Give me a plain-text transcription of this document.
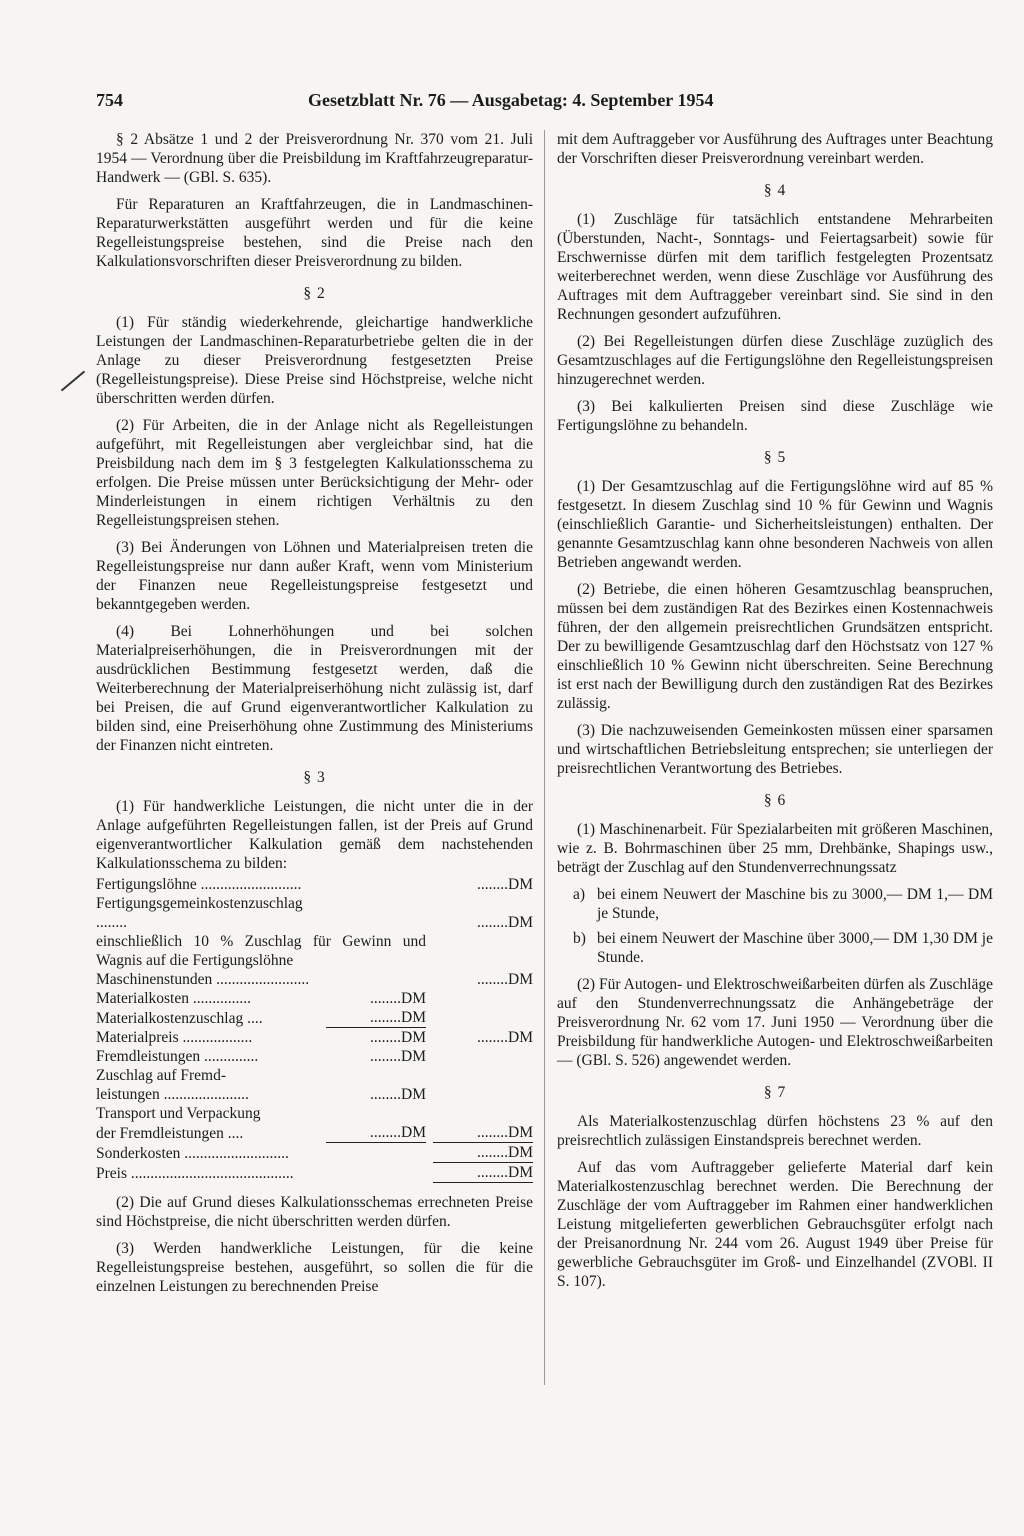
754	Gesetzblatt Nr. 76 — Ausgabetag: 4. September 1954

§ 2 Absätze 1 und 2 der Preisverordnung Nr. 370 vom 21. Juli 1954 — Verordnung über die Preisbildung im Kraftfahrzeugreparatur-Handwerk — (GBl. S. 635).

Für Reparaturen an Kraftfahrzeugen, die in Landmaschinen-Reparaturwerkstätten ausgeführt werden und für die keine Regelleistungspreise bestehen, sind die Preise nach den Kalkulationsvorschriften dieser Preisverordnung zu bilden.

§ 2

(1) Für ständig wiederkehrende, gleichartige handwerkliche Leistungen der Landmaschinen-Reparaturbetriebe gelten die in der Anlage zu dieser Preisverordnung festgesetzten Preise (Regelleistungspreise). Diese Preise sind Höchstpreise, welche nicht überschritten werden dürfen.

(2) Für Arbeiten, die in der Anlage nicht als Regelleistungen aufgeführt, mit Regelleistungen aber vergleichbar sind, hat die Preisbildung nach dem im § 3 festgelegten Kalkulationsschema zu erfolgen. Die Preise müssen unter Berücksichtigung der Mehr- oder Minderleistungen in einem richtigen Verhältnis zu den Regelleistungspreisen stehen.

(3) Bei Änderungen von Löhnen und Materialpreisen treten die Regelleistungspreise nur dann außer Kraft, wenn vom Ministerium der Finanzen neue Regelleistungspreise festgesetzt und bekanntgegeben werden.

(4) Bei Lohnerhöhungen und bei solchen Materialpreiserhöhungen, die in Preisverordnungen mit der ausdrücklichen Bestimmung festgesetzt werden, daß die Weiterberechnung der Materialpreiserhöhung nicht zulässig ist, darf bei Preisen, die auf Grund eigenverantwortlicher Kalkulation zu bilden sind, eine Preiserhöhung ohne Zustimmung des Ministeriums der Finanzen nicht eintreten.

§ 3

(1) Für handwerkliche Leistungen, die nicht unter die in der Anlage aufgeführten Regelleistungen fallen, ist der Preis auf Grund eigenverantwortlicher Kalkulation gemäß dem nachstehenden Kalkulationsschema zu bilden:

Fertigungslöhne ..........................			........DM
Fertigungsgemeinkostenzuschlag ........			........DM
einschließlich 10 % Zuschlag für Gewinn und Wagnis auf die Fertigungslöhne			
Maschinenstunden ........................			........DM
Materialkosten ...............	........DM		
Materialkostenzuschlag ....	........DM		
Materialpreis ..................	........DM		........DM
Fremdleistungen ..............	........DM		
Zuschlag auf Fremd-			
leistungen ......................	........DM		
Transport und Verpackung			
der Fremdleistungen ....	........DM		........DM
Sonderkosten ...........................			........DM
Preis ..........................................			........DM

(2) Die auf Grund dieses Kalkulationsschemas errechneten Preise sind Höchstpreise, die nicht überschritten werden dürfen.

(3) Werden handwerkliche Leistungen, für die keine Regelleistungspreise bestehen, ausgeführt, so sollen die für die einzelnen Leistungen zu berechnenden Preise

mit dem Auftraggeber vor Ausführung des Auftrages unter Beachtung der Vorschriften dieser Preisverordnung vereinbart werden.

§ 4

(1) Zuschläge für tatsächlich entstandene Mehrarbeiten (Überstunden, Nacht-, Sonntags- und Feiertagsarbeit) sowie für Erschwernisse dürfen mit dem tariflich festgelegten Prozentsatz weiterberechnet werden, wenn diese Zuschläge vor Ausführung des Auftrages mit dem Auftraggeber vereinbart sind. Sie sind in den Rechnungen gesondert aufzuführen.

(2) Bei Regelleistungen dürfen diese Zuschläge zuzüglich des Gesamtzuschlages auf die Fertigungslöhne den Regelleistungspreisen hinzugerechnet werden.

(3) Bei kalkulierten Preisen sind diese Zuschläge wie Fertigungslöhne zu behandeln.

§ 5

(1) Der Gesamtzuschlag auf die Fertigungslöhne wird auf 85 % festgesetzt. In diesem Zuschlag sind 10 % für Gewinn und Wagnis (einschließlich Garantie- und Sicherheitsleistungen) enthalten. Der genannte Gesamtzuschlag kann ohne besonderen Nachweis von allen Betrieben angewandt werden.

(2) Betriebe, die einen höheren Gesamtzuschlag beanspruchen, müssen bei dem zuständigen Rat des Bezirkes einen Kostennachweis führen, der den allgemein preisrechtlichen Grundsätzen entspricht. Der zu bewilligende Gesamtzuschlag darf den Höchstsatz von 127 % einschließlich 10 % Gewinn nicht überschreiten. Seine Berechnung ist erst nach der Bewilligung durch den zuständigen Rat des Bezirkes zulässig.

(3) Die nachzuweisenden Gemeinkosten müssen einer sparsamen und wirtschaftlichen Betriebsleitung entsprechen; sie unterliegen der preisrechtlichen Verantwortung des Betriebes.

§ 6

(1) Maschinenarbeit. Für Spezialarbeiten mit größeren Maschinen, wie z. B. Bohrmaschinen über 25 mm, Drehbänke, Shapings usw., beträgt der Zuschlag auf den Stundenverrechnungssatz

a) bei einem Neuwert der Maschine bis zu 3000,— DM 1,— DM je Stunde,
b) bei einem Neuwert der Maschine über 3000,— DM 1,30 DM je Stunde.

(2) Für Autogen- und Elektroschweißarbeiten dürfen als Zuschläge auf den Stundenverrechnungssatz die Anhängebeträge der Preisverordnung Nr. 62 vom 17. Juni 1950 — Verordnung über die Preisbildung für handwerkliche Autogen- und Elektroschweißarbeiten — (GBl. S. 526) angewendet werden.

§ 7

Als Materialkostenzuschlag dürfen höchstens 23 % auf den preisrechtlich zulässigen Einstandspreis berechnet werden.

Auf das vom Auftraggeber gelieferte Material darf kein Materialkostenzuschlag berechnet werden. Die Berechnung der Zuschläge der vom Auftraggeber im Rahmen einer handwerklichen Leistung mitgelieferten gewerblichen Gebrauchsgüter erfolgt nach der Preisanordnung Nr. 244 vom 26. August 1949 über Preise für gewerbliche Gebrauchsgüter im Groß- und Einzelhandel (ZVOBl. II S. 107).
